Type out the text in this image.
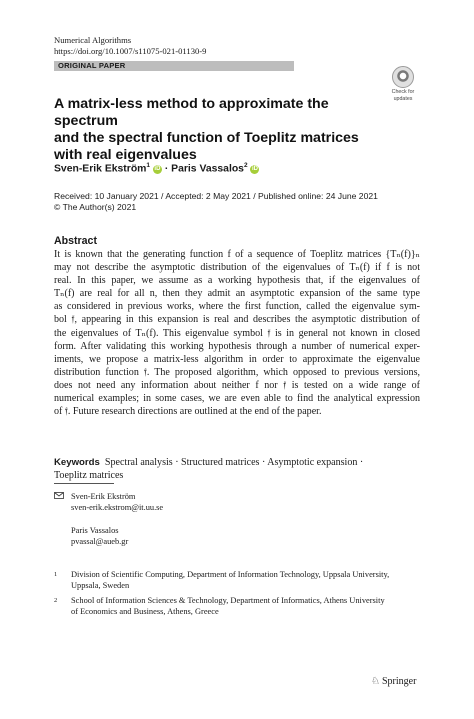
Numerical Algorithms
https://doi.org/10.1007/s11075-021-01130-9
ORIGINAL PAPER
Check for
updates
A matrix-less method to approximate the spectrum
and the spectral function of Toeplitz matrices
with real eigenvalues
Sven-Erik Ekström$^1$ iD · Paris Vassalos$^2$ iD
Received: 10 January 2021 / Accepted: 2 May 2021 / Published online: 24 June 2021
© The Author(s) 2021
Abstract
It is known that the generating function f of a sequence of Toeplitz matrices {Tₙ(f)}ₙ
may not describe the asymptotic distribution of the eigenvalues of Tₙ(f) if f is not
real. In this paper, we assume as a working hypothesis that, if the eigenvalues of
Tₙ(f) are real for all n, then they admit an asymptotic expansion of the same type
as considered in previous works, where the first function, called the eigenvalue sym-
bol 𝔣, appearing in this expansion is real and describes the asymptotic distribution of
the eigenvalues of Tₙ(f). This eigenvalue symbol 𝔣 is in general not known in closed
form. After validating this working hypothesis through a number of numerical exper-
iments, we propose a matrix-less algorithm in order to approximate the eigenvalue
distribution function 𝔣. The proposed algorithm, which opposed to previous versions,
does not need any information about neither f nor 𝔣 is tested on a wide range of
numerical examples; in some cases, we are even able to find the analytical expression
of 𝔣. Future research directions are outlined at the end of the paper.
Keywords Spectral analysis · Structured matrices · Asymptotic expansion ·
Toeplitz matrices
Sven-Erik Ekström
sven-erik.ekstrom@it.uu.se
Paris Vassalos
pvassal@aueb.gr
1 Division of Scientific Computing, Department of Information Technology, Uppsala University,
Uppsala, Sweden
2 School of Information Sciences & Technology, Department of Informatics, Athens University
of Economics and Business, Athens, Greece
♘ Springer
